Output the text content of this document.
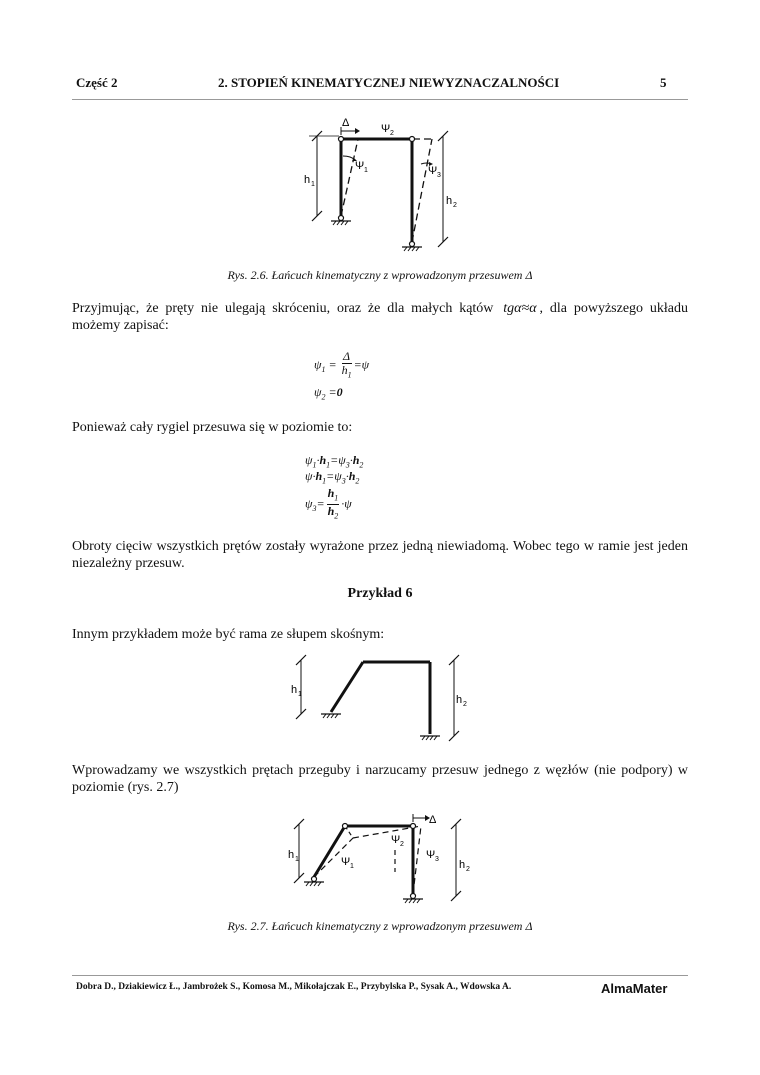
Część 2	2. STOPIEŃ KINEMATYCZNEJ NIEWYZNACZALNOŚCI	5
Δ	Ψ 2
Ψ 1	Ψ 3
h 1
h 2
Rys. 2.6. Łańcuch kinematyczny z wprowadzonym przesuwem Δ
Przyjmując, że pręty nie ulegają skróceniu, oraz że dla małych kątów tgα≈α , dla powyższego układu możemy zapisać:
$\psi_1 = \frac{\Delta}{h_1} =\psi$
$\psi_2 =0$
Ponieważ cały rygiel przesuwa się w poziomie to:
$\psi_1\cdot h_1=\psi_3\cdot h_2$
$\psi\cdot h_1=\psi_3\cdot h_2$
$\psi_3= \frac{h_1}{h_2} \cdot\psi$
Obroty cięciw wszystkich prętów zostały wyrażone przez jedną niewiadomą. Wobec tego w ramie jest jeden niezależny przesuw.
Przykład 6
Innym przykładem może być rama ze słupem skośnym:
h 1	h 2
Wprowadzamy we wszystkich prętach przeguby i narzucamy przesuw jednego z węzłów (nie podpory) w poziomie (rys. 2.7)
Δ
Ψ 2
Ψ 1
Ψ 3
h 1	h 2
Rys. 2.7. Łańcuch kinematyczny z wprowadzonym przesuwem Δ
Dobra D., Dziakiewicz Ł., Jambrożek S., Komosa M., Mikołajczak E., Przybylska P., Sysak A., Wdowska A.	AlmaMater
